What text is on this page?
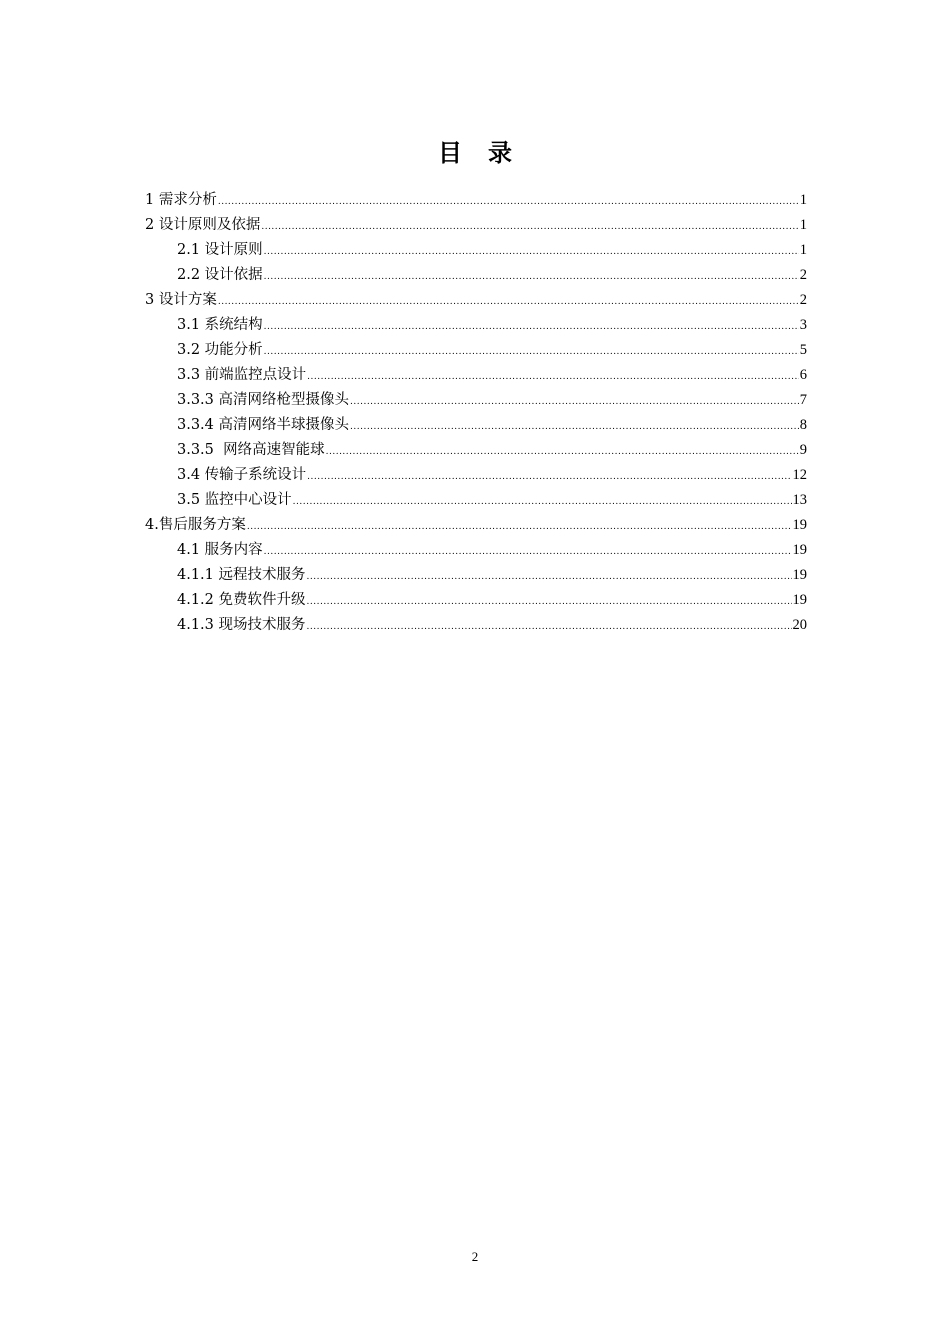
目 录
1 需求分析 .....	1
2 设计原则及依据 .....	1
2.1 设计原则 .....	1
2.2 设计依据 .....	2
3 设计方案 .....	2
3.1 系统结构 .....	3
3.2 功能分析 .....	5
3.3 前端监控点设计 .....	6
3.3.3 高清网络枪型摄像头 .....	7
3.3.4 高清网络半球摄像头 .....	8
3.3.5  网络高速智能球 .....	9
3.4 传输子系统设计 .....	12
3.5 监控中心设计 .....	13
4.售后服务方案 .....	19
4.1 服务内容 .....	19
4.1.1 远程技术服务 .....	19
4.1.2 免费软件升级 .....	19
4.1.3 现场技术服务 .....	20
2
